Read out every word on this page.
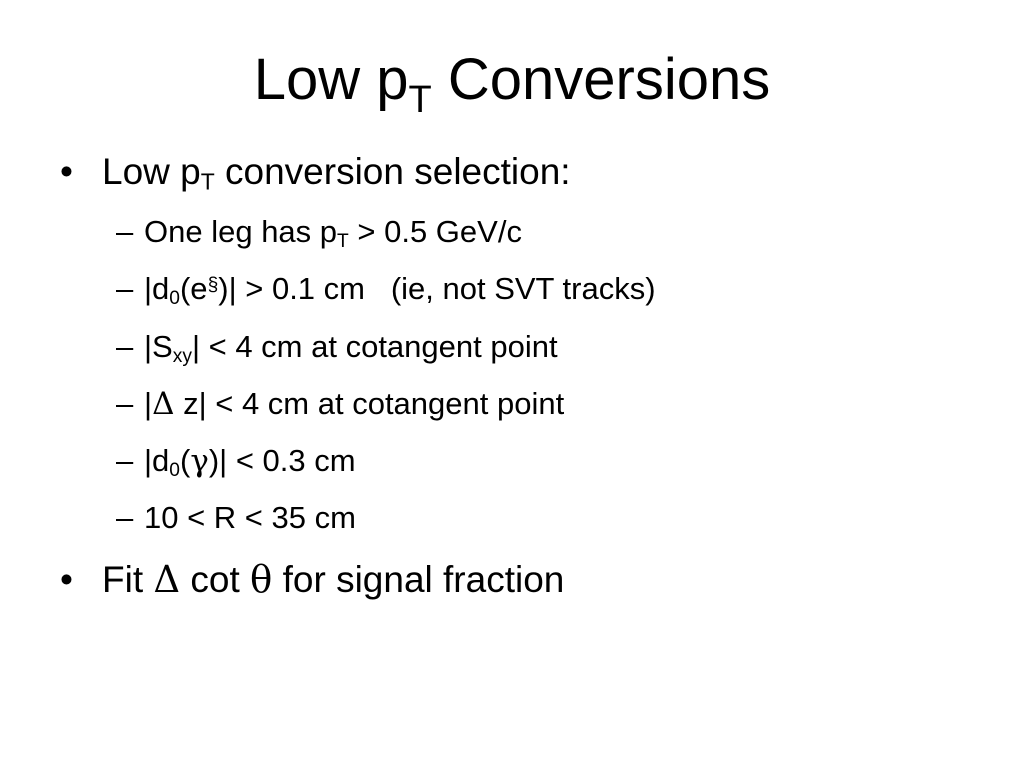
Low $p_T$ Conversions
• Low $p_T$ conversion selection:
– One leg has $p_T > 0.5$ GeV/c
– $|d_0(e^\S)| > 0.1$ cm   (ie, not SVT tracks)
– $|S_{xy}| < 4$ cm at cotangent point
– |Δ z| < 4 cm at cotangent point
– $|d_0(\gamma)| < 0.3$ cm
– 10 < R < 35 cm
• Fit Δ cot θ for signal fraction
